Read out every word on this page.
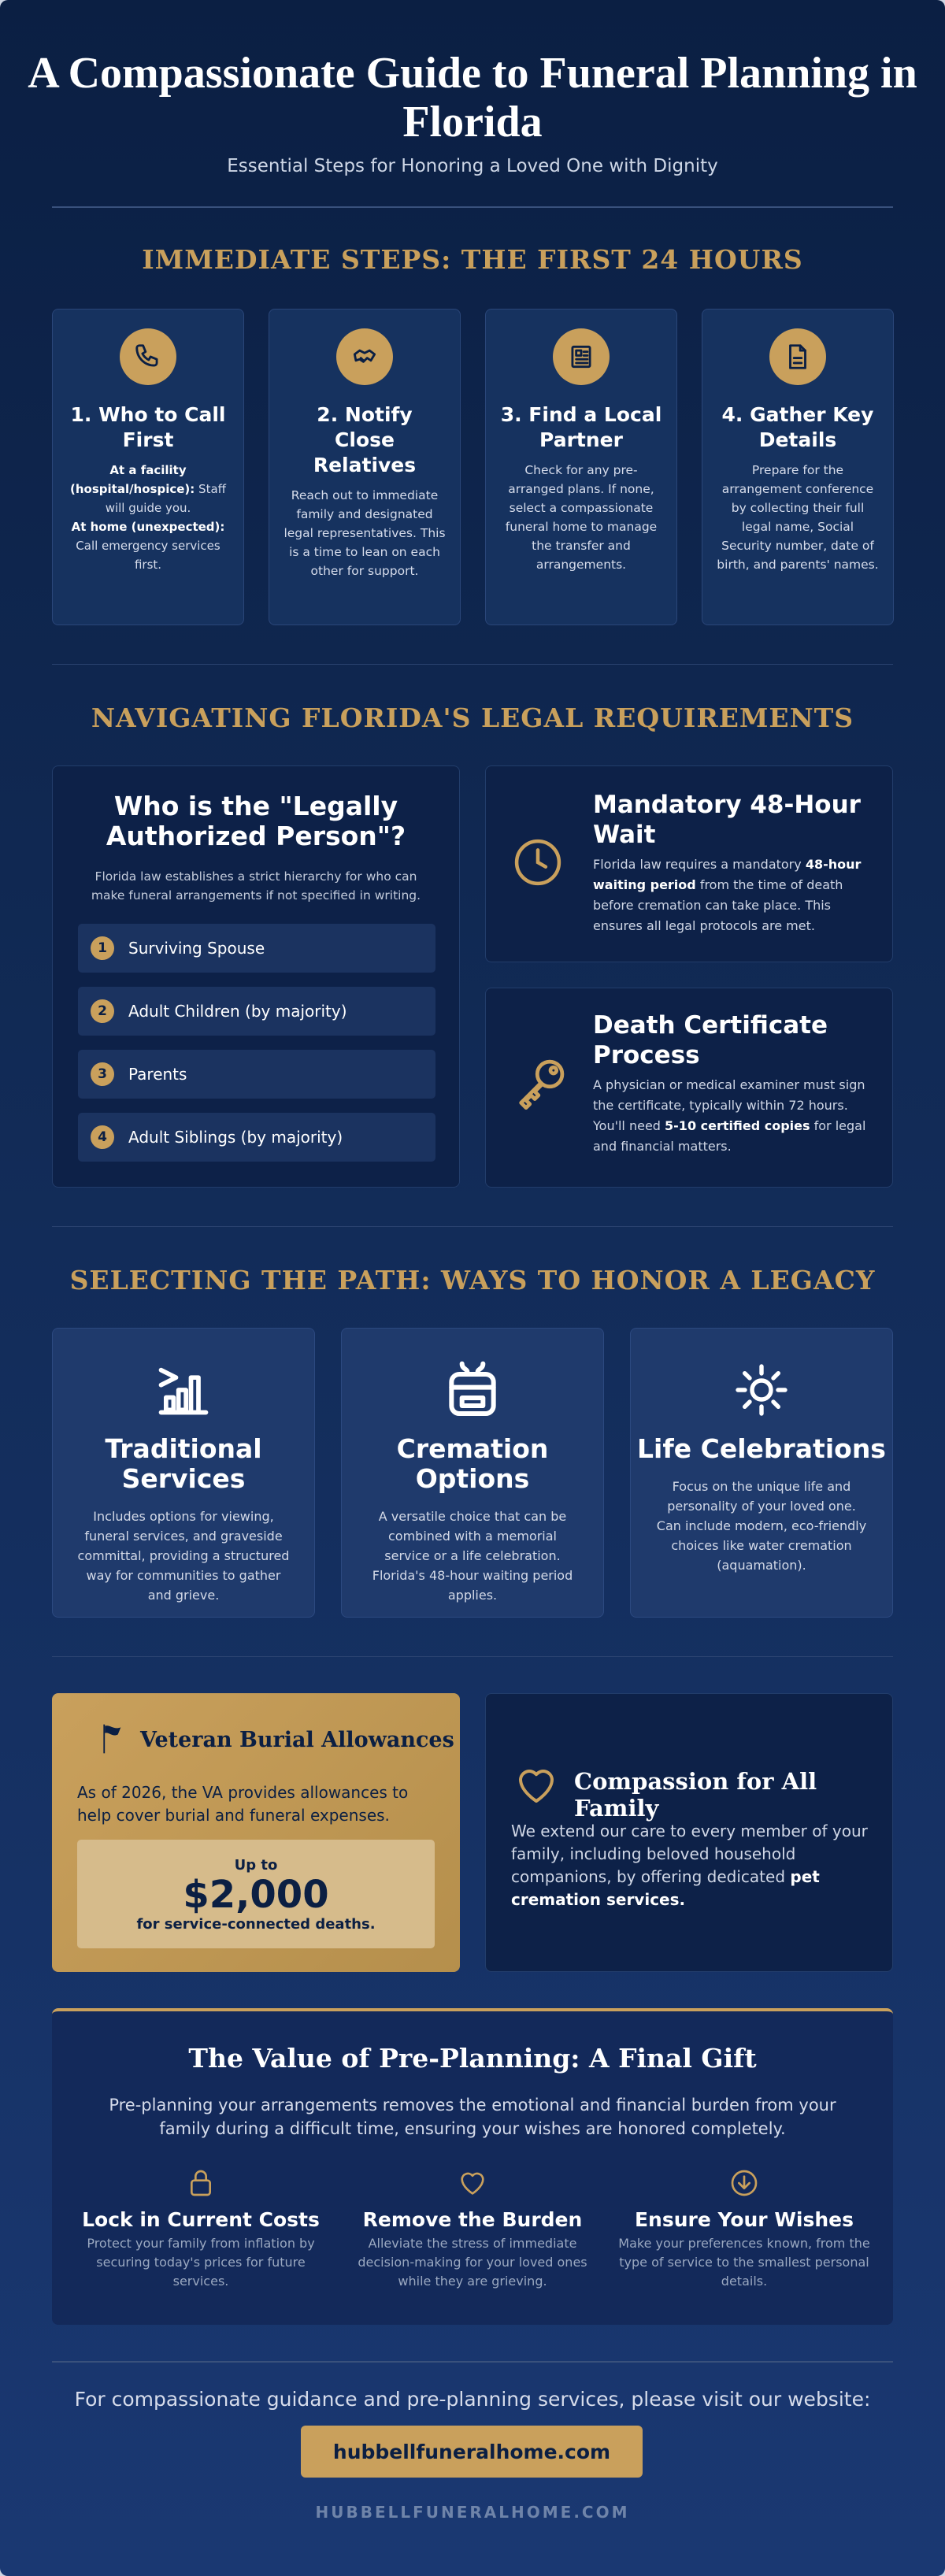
A Compassionate Guide to Funeral Planning in Florida
Essential Steps for Honoring a Loved One with Dignity
IMMEDIATE STEPS: THE FIRST 24 HOURS
1. Who to Call First

At a facility (hospital/hospice): Staff will guide you.
At home (unexpected): Call emergency services first.

2. Notify Close Relatives

Reach out to immediate family and designated legal representatives. This is a time to lean on each other for support.

3. Find a Local Partner

Check for any pre-arranged plans. If none, select a compassionate funeral home to manage the transfer and arrangements.

4. Gather Key Details

Prepare for the arrangement conference by collecting their full legal name, Social Security number, date of birth, and parents' names.

NAVIGATING FLORIDA'S LEGAL REQUIREMENTS
Who is the "Legally Authorized Person"?

Florida law establishes a strict hierarchy for who can make funeral arrangements if not specified in writing.

1	Surviving Spouse
2	Adult Children (by majority)
3	Parents
4	Adult Siblings (by majority)
Mandatory 48-Hour Wait

Florida law requires a mandatory 48-hour waiting period from the time of death before cremation can take place. This ensures all legal protocols are met.

Death Certificate Process

A physician or medical examiner must sign the certificate, typically within 72 hours. You'll need 5-10 certified copies for legal and financial matters.

SELECTING THE PATH: WAYS TO HONOR A LEGACY
Traditional Services

Includes options for viewing, funeral services, and graveside committal, providing a structured way for communities to gather and grieve.

Cremation Options

A versatile choice that can be combined with a memorial service or a life celebration. Florida's 48-hour waiting period applies.

Life Celebrations

Focus on the unique life and personality of your loved one. Can include modern, eco-friendly choices like water cremation (aquamation).

Veteran Burial Allowances

As of 2026, the VA provides allowances to help cover burial and funeral expenses.

Up to
$2,000
for service-connected deaths.
Compassion for All Family

We extend our care to every member of your family, including beloved household companions, by offering dedicated pet cremation services.

The Value of Pre-Planning: A Final Gift

Pre-planning your arrangements removes the emotional and financial burden from your family during a difficult time, ensuring your wishes are honored completely.

Lock in Current Costs

Protect your family from inflation by securing today's prices for future services.

Remove the Burden

Alleviate the stress of immediate decision-making for your loved ones while they are grieving.

Ensure Your Wishes

Make your preferences known, from the type of service to the smallest personal details.

For compassionate guidance and pre-planning services, please visit our website:

hubbellfuneralhome.com
HUBBELLFUNERALHOME.COM
